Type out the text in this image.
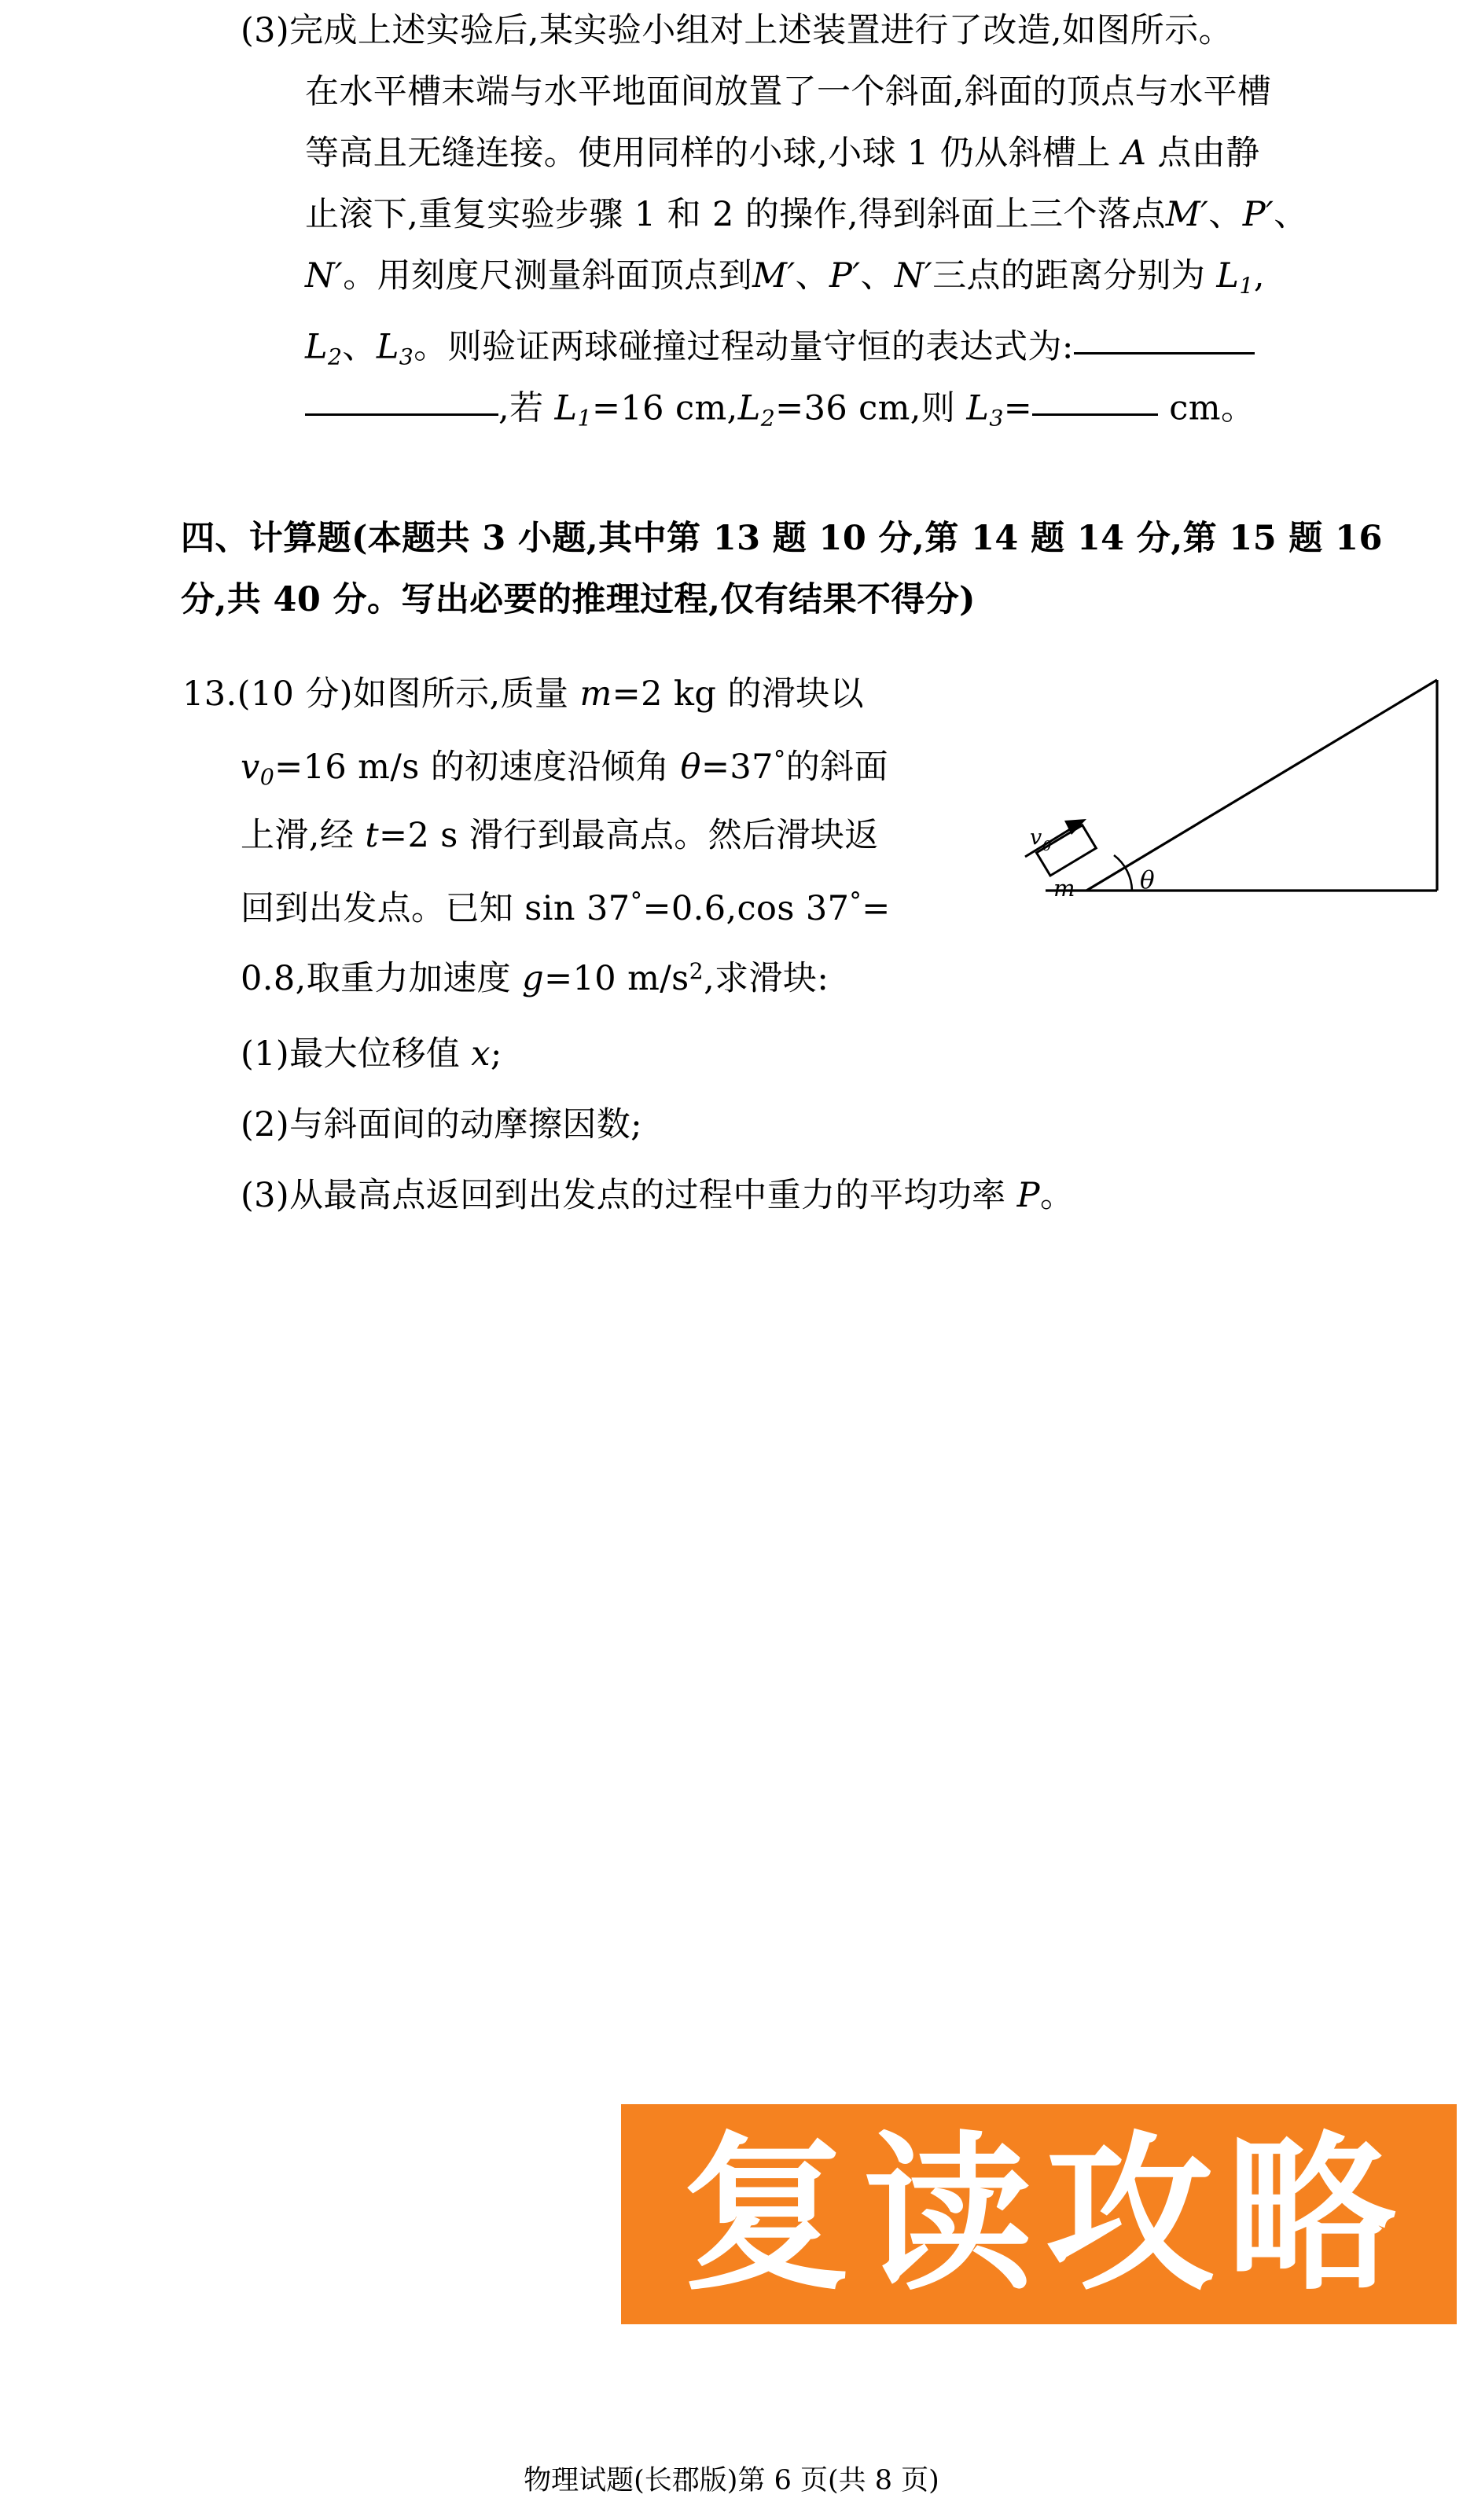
(3)完成上述实验后,某实验小组对上述装置进行了改造,如图所示。
在水平槽末端与水平地面间放置了一个斜面,斜面的顶点与水平槽
等高且无缝连接。使用同样的小球,小球 1 仍从斜槽上 A 点由静
止滚下,重复实验步骤 1 和 2 的操作,得到斜面上三个落点M′、P′、
N′。用刻度尺测量斜面顶点到M′、P′、N′三点的距离分别为 $L_1$,
$L_2$、$L_3$。则验证两球碰撞过程动量守恒的表达式为:
,若 $L_1=16$ $cm,L_2=36$ cm,则 $L_3=$	cm。
四、计算题(本题共 3 小题,其中第 13 题 10 分,第 14 题 14 分,第 15 题 16
分,共 40 分。写出必要的推理过程,仅有结果不得分)
13.(10 分)如图所示,质量 m=2 kg 的滑块以
$v_0=16$ m/s 的初速度沿倾角 θ=37°的斜面
上滑,经 t=2 s 滑行到最高点。然后滑块返
回到出发点。已知 sin 37°=0.6,cos 37°=
0.8,取重力加速度 g=10 $m/s^2$,求滑块:
(1)最大位移值 x;
(2)与斜面间的动摩擦因数;
(3)从最高点返回到出发点的过程中重力的平均功率 P。
v 0
m	θ
复读攻略
物理试题(长郡版)第 6 页(共 8 页)
